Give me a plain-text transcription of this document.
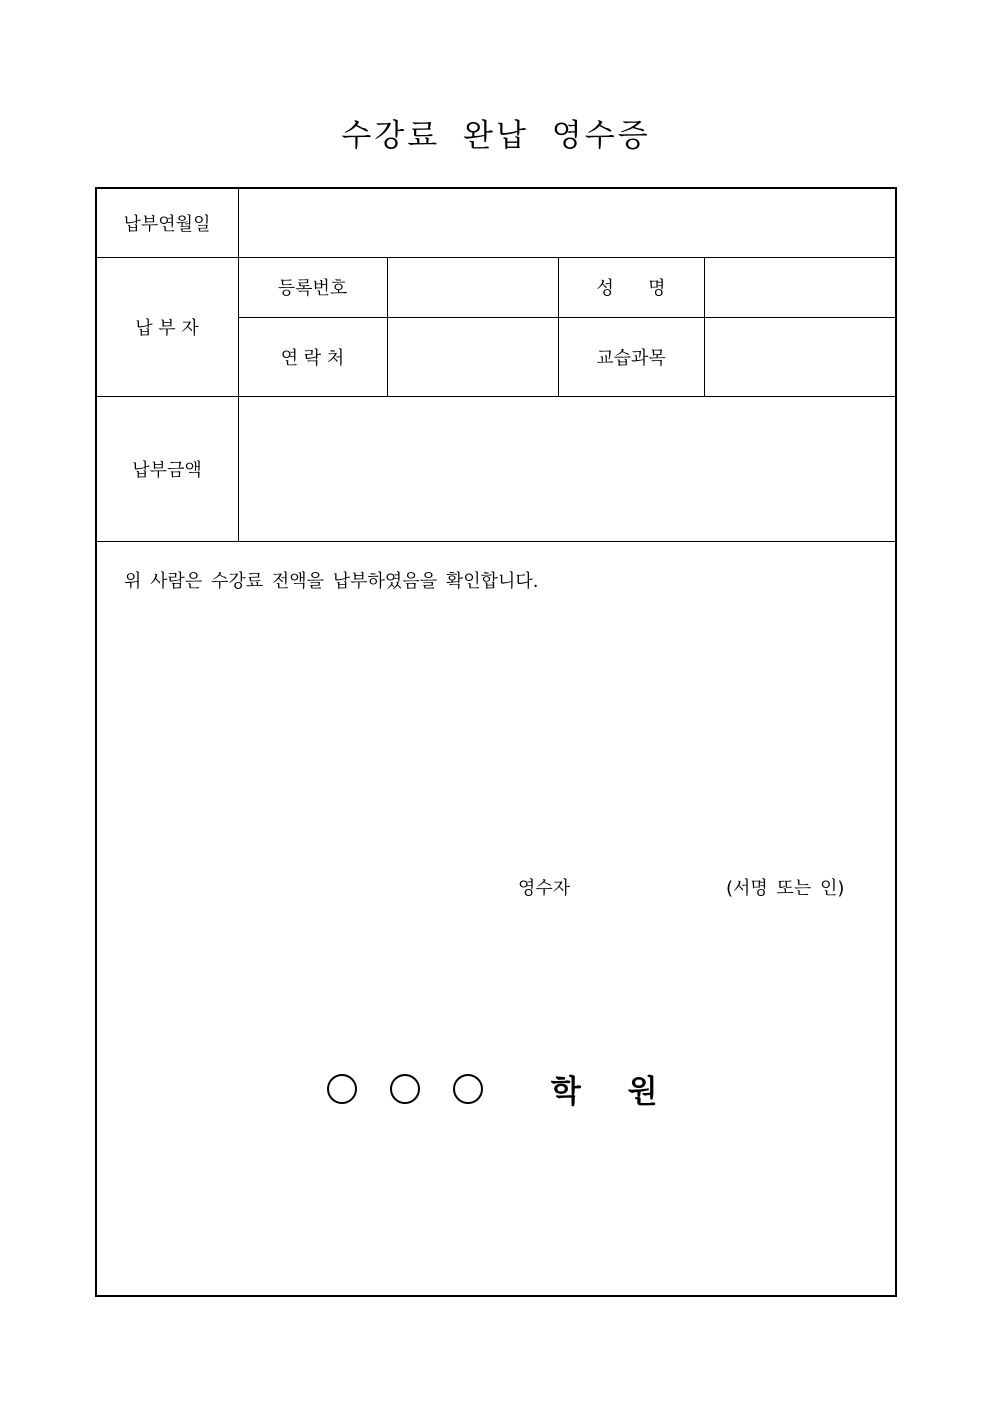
수강료 완납 영수증
납부연월일
납 부 자
등록번호	성      명
연 락 처	교습과목
납부금액
위 사람은 수강료 전액을 납부하였음을 확인합니다.
영수자	(서명 또는 인)
학 원
